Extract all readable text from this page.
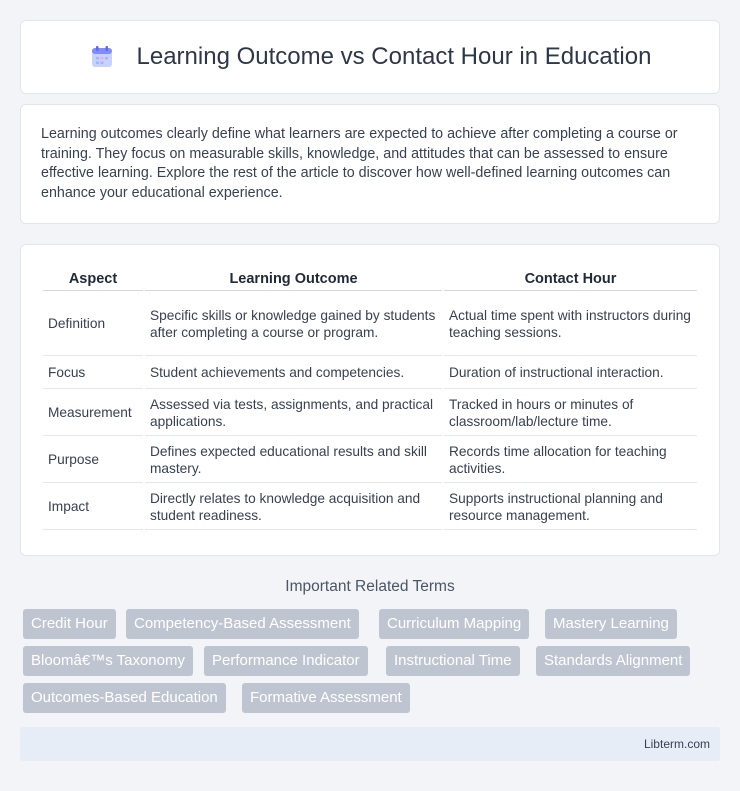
Learning Outcome vs Contact Hour in Education

Learning outcomes clearly define what learners are expected to achieve after completing a course or training. They focus on measurable skills, knowledge, and attitudes that can be assessed to ensure effective learning. Explore the rest of the article to discover how well-defined learning outcomes can enhance your educational experience.

Aspect	Learning Outcome	Contact Hour
Definition	Specific skills or knowledge gained by students after completing a course or program.	Actual time spent with instructors during teaching sessions.
Focus	Student achievements and competencies.	Duration of instructional interaction.
Measurement	Assessed via tests, assignments, and practical applications.	Tracked in hours or minutes of classroom/lab/lecture time.
Purpose	Defines expected educational results and skill mastery.	Records time allocation for teaching activities.
Impact	Directly relates to knowledge acquisition and student readiness.	Supports instructional planning and resource management.
Important Related Terms
Credit Hour	Competency-Based Assessment	Curriculum Mapping	Mastery Learning
Bloomâ€™s Taxonomy	Performance Indicator	Instructional Time	Standards Alignment
Outcomes-Based Education	Formative Assessment
Libterm.com
